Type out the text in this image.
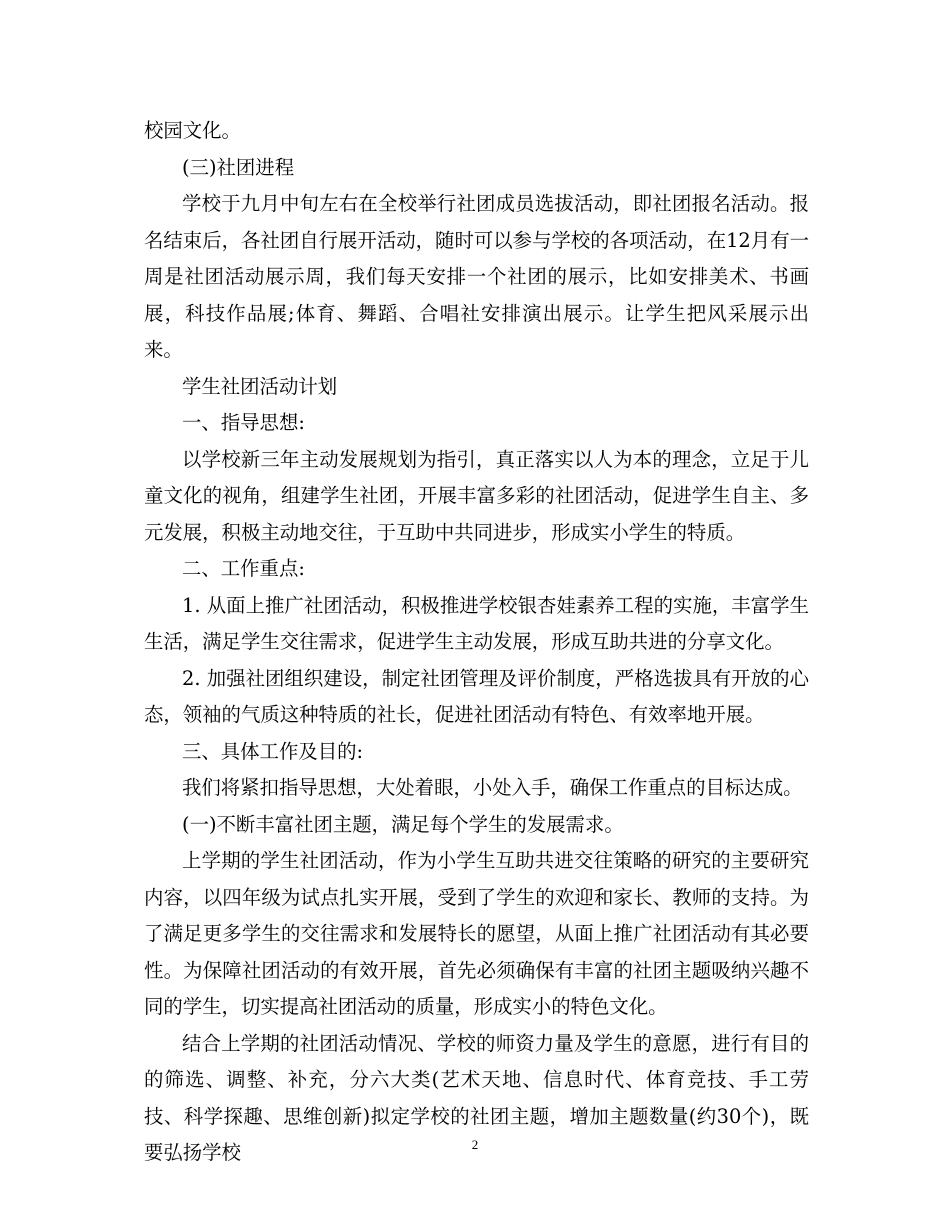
校园文化。

(三)社团进程

学校于九月中旬左右在全校举行社团成员选拔活动，即社团报名活动。报名结束后，各社团自行展开活动，随时可以参与学校的各项活动，在12月有一周是社团活动展示周，我们每天安排一个社团的展示，比如安排美术、书画展，科技作品展;体育、舞蹈、合唱社安排演出展示。让学生把风采展示出来。

学生社团活动计划

一、指导思想:

以学校新三年主动发展规划为指引，真正落实以人为本的理念，立足于儿童文化的视角，组建学生社团，开展丰富多彩的社团活动，促进学生自主、多元发展，积极主动地交往，于互助中共同进步，形成实小学生的特质。

二、工作重点:

1. 从面上推广社团活动，积极推进学校银杏娃素养工程的实施，丰富学生生活，满足学生交往需求，促进学生主动发展，形成互助共进的分享文化。

2. 加强社团组织建设，制定社团管理及评价制度，严格选拔具有开放的心态，领袖的气质这种特质的社长，促进社团活动有特色、有效率地开展。

三、具体工作及目的:

我们将紧扣指导思想，大处着眼，小处入手，确保工作重点的目标达成。

(一)不断丰富社团主题，满足每个学生的发展需求。

上学期的学生社团活动，作为小学生互助共进交往策略的研究的主要研究内容，以四年级为试点扎实开展，受到了学生的欢迎和家长、教师的支持。为了满足更多学生的交往需求和发展特长的愿望，从面上推广社团活动有其必要性。为保障社团活动的有效开展，首先必须确保有丰富的社团主题吸纳兴趣不同的学生，切实提高社团活动的质量，形成实小的特色文化。

结合上学期的社团活动情况、学校的师资力量及学生的意愿，进行有目的的筛选、调整、补充，分六大类(艺术天地、信息时代、体育竞技、手工劳技、科学探趣、思维创新)拟定学校的社团主题，增加主题数量(约30个)，既要弘扬学校	2
